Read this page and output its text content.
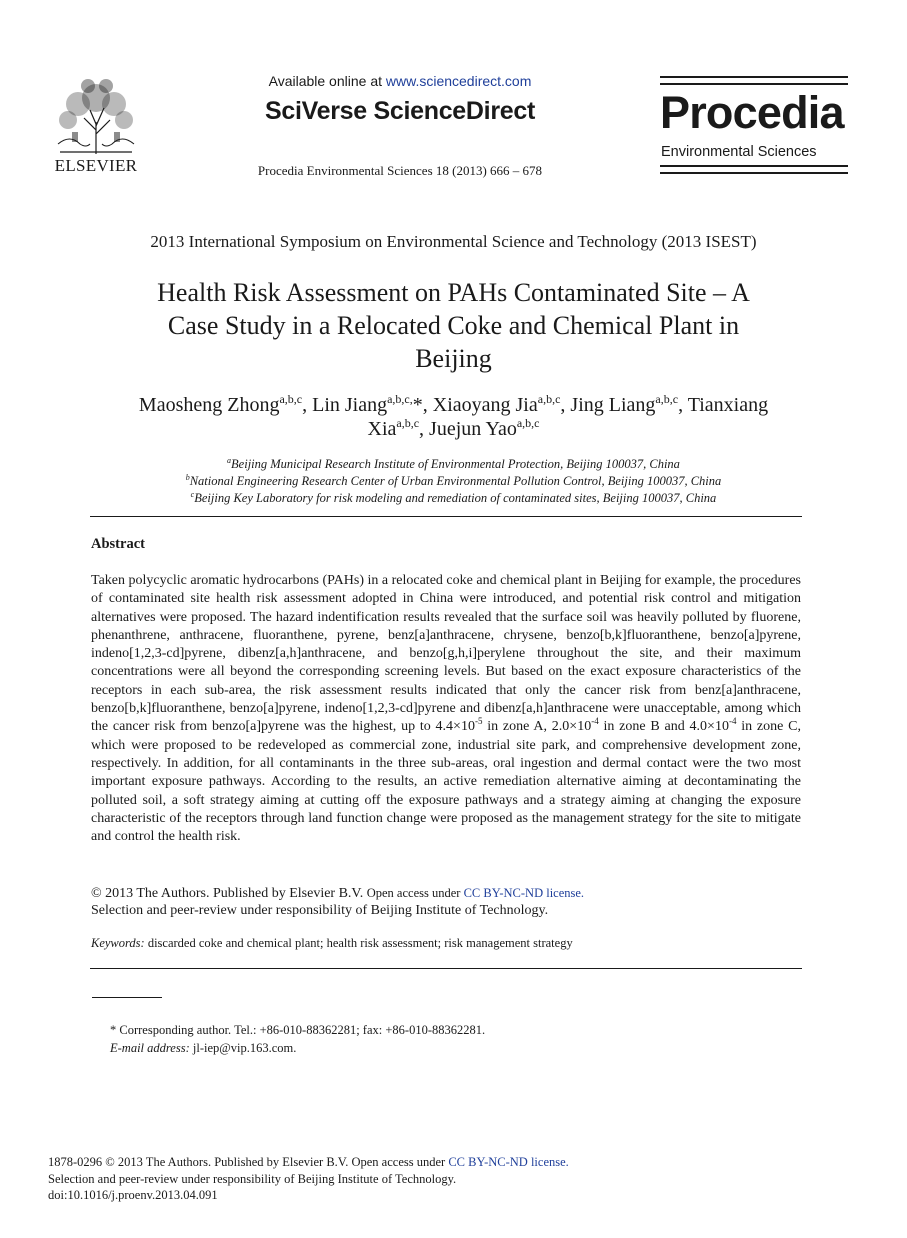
ELSEVIER
Available online at www.sciencedirect.com
SciVerse ScienceDirect
Procedia Environmental Sciences 18 (2013) 666 – 678
Procedia
Environmental Sciences
2013 International Symposium on Environmental Science and Technology (2013 ISEST)
Health Risk Assessment on PAHs Contaminated Site – A
Case Study in a Relocated Coke and Chemical Plant in
Beijing
Maosheng Zhong$^{a,b,c}$, Lin Jiang$^{a,b,c,}$*, Xiaoyang Jia$^{a,b,c}$, Jing Liang$^{a,b,c}$, Tianxiang
Xia$^{a,b,c}$, Juejun Yao$^{a,b,c}$
$^a$Beijing Municipal Research Institute of Environmental Protection, Beijing 100037, China
$^b$National Engineering Research Center of Urban Environmental Pollution Control, Beijing 100037, China
$^c$Beijing Key Laboratory for risk modeling and remediation of contaminated sites, Beijing 100037, China
Abstract
Taken polycyclic aromatic hydrocarbons (PAHs) in a relocated coke and chemical plant in Beijing for example, the procedures of contaminated site health risk assessment adopted in China were introduced, and potential risk control and mitigation alternatives were proposed. The hazard indentification results revealed that the surface soil was heavily polluted by fluorene, phenanthrene, anthracene, fluoranthene, pyrene, benz[a]anthracene, chrysene, benzo[b,k]fluoranthene, benzo[a]pyrene, indeno[1,2,3-cd]pyrene, dibenz[a,h]anthracene, and benzo[g,h,i]perylene throughout the site, and their maximum concentrations were all beyond the corresponding screening levels. But based on the exact exposure characteristics of the receptors in each sub-area, the risk assessment results indicated that only the cancer risk from benz[a]anthracene, benzo[b,k]fluoranthene, benzo[a]pyrene, indeno[1,2,3-cd]pyrene and dibenz[a,h]anthracene were unacceptable, among which the cancer risk from benzo[a]pyrene was the highest, up to $4.4\times 10^{-5}$ in zone A, $2.0\times 10^{-4}$ in zone B and $4.0\times 10^{-4}$ in zone C, which were proposed to be redeveloped as commercial zone, industrial site park, and comprehensive development zone, respectively. In addition, for all contaminants in the three sub-areas, oral ingestion and dermal contact were the two most important exposure pathways. According to the results, an active remediation alternative aiming at decontaminating the polluted soil, a soft strategy aiming at cutting off the exposure pathways and a strategy aiming at changing the exposure characteristic of the receptors through land function change were proposed as the management strategy for the site to mitigate and control the health risk.
© 2013 The Authors. Published by Elsevier B.V. Open access under CC BY-NC-ND license.
Selection and peer-review under responsibility of Beijing Institute of Technology.
Keywords: discarded coke and chemical plant; health risk assessment; risk management strategy
* Corresponding author. Tel.: +86-010-88362281; fax: +86-010-88362281.
E-mail address: jl-iep@vip.163.com.
1878-0296 © 2013 The Authors. Published by Elsevier B.V. Open access under CC BY-NC-ND license.
Selection and peer-review under responsibility of Beijing Institute of Technology.
doi:10.1016/j.proenv.2013.04.091
